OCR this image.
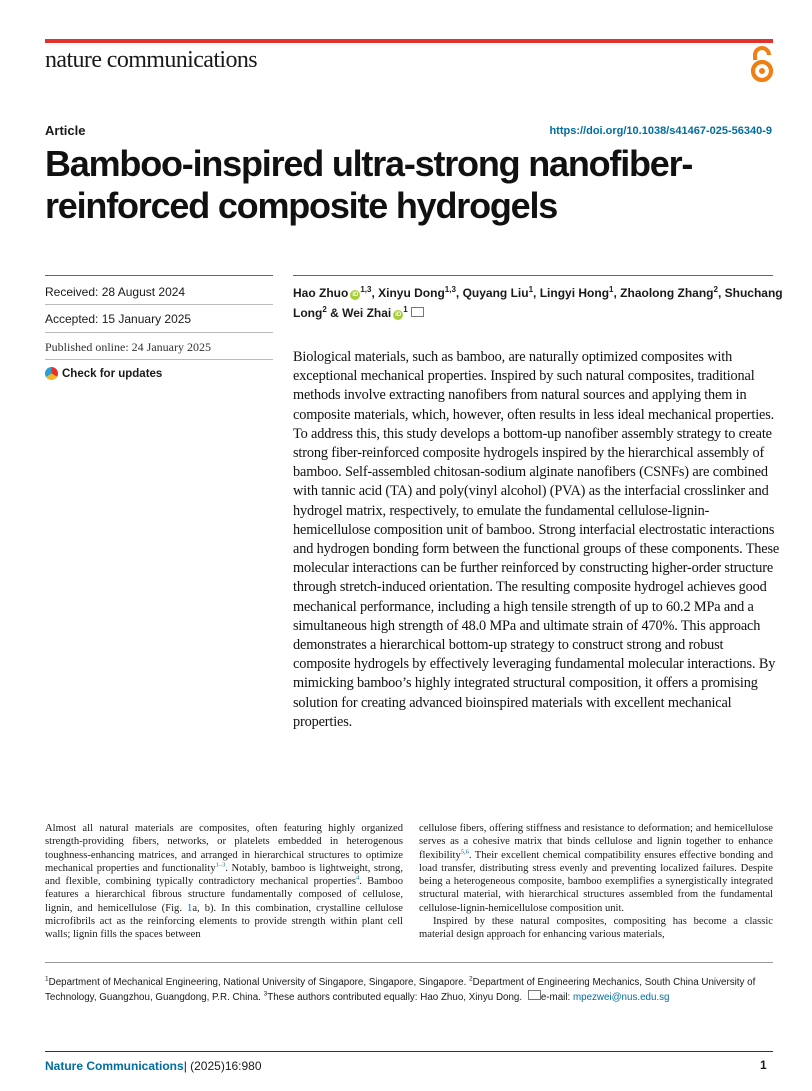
nature communications
Article	https://doi.org/10.1038/s41467-025-56340-9
Bamboo-inspired ultra-strong nanofiber-reinforced composite hydrogels
Received: 28 August 2024
Accepted: 15 January 2025
Published online: 24 January 2025
Check for updates
Hao Zhuo iD$^{1,3}$, Xinyu Dong$^{1,3}$, Quyang Liu$^1$, Lingyi Hong$^1$, Zhaolong Zhang$^2$, Shuchang Long$^2$ & Wei Zhai $iD^1$
Biological materials, such as bamboo, are naturally optimized composites with exceptional mechanical properties. Inspired by such natural composites, traditional methods involve extracting nanofibers from natural sources and applying them in composite materials, which, however, often results in less ideal mechanical properties. To address this, this study develops a bottom-up nanofiber assembly strategy to create strong fiber-reinforced composite hydrogels inspired by the hierarchical assembly of bamboo. Self-assembled chitosan-sodium alginate nanofibers (CSNFs) are combined with tannic acid (TA) and poly(vinyl alcohol) (PVA) as the interfacial crosslinker and hydrogel matrix, respectively, to emulate the fundamental cellulose-lignin-hemicellulose composition unit of bamboo. Strong interfacial electrostatic interactions and hydrogen bonding form between the functional groups of these components. These molecular interactions can be further reinforced by constructing higher-order structure through stretch-induced orientation. The resulting composite hydrogel achieves good mechanical performance, including a high tensile strength of up to 60.2 MPa and a simultaneous high strength of 48.0 MPa and ultimate strain of 470%. This approach demonstrates a hierarchical bottom-up strategy to construct strong and robust composite hydrogels by effectively leveraging fundamental molecular interactions. By mimicking bamboo’s highly integrated structural composition, it offers a promising solution for creating advanced bioinspired materials with excellent mechanical properties.

Almost all natural materials are composites, often featuring highly organized strength-providing fibers, networks, or platelets embedded in heterogenous toughness-enhancing matrices, and arranged in hierarchical structures to optimize mechanical properties and functionality$^{1-3}$. Notably, bamboo is lightweight, strong, and flexible, combining typically contradictory mechanical properties$^4$. Bamboo features a hierarchical fibrous structure fundamentally composed of cellulose, lignin, and hemicellulose (Fig. 1a, b). In this combination, crystalline cellulose microfibrils act as the reinforcing elements to provide strength within plant cell walls; lignin fills the spaces between

cellulose fibers, offering stiffness and resistance to deformation; and hemicellulose serves as a cohesive matrix that binds cellulose and lignin together to enhance flexibility$^{5,6}$. Their excellent chemical compatibility ensures effective bonding and load transfer, distributing stress evenly and preventing localized failures. Despite being a heterogeneous composite, bamboo exemplifies a synergistically integrated structural material, with hierarchical structures assembled from the fundamental cellulose-lignin-hemicellulose composition unit.

Inspired by these natural composites, compositing has become a classic material design approach for enhancing various materials,

$^1$Department of Mechanical Engineering, National University of Singapore, Singapore, Singapore. $^2$Department of Engineering Mechanics, South China University of Technology, Guangzhou, Guangdong, P.R. China. $^3$These authors contributed equally: Hao Zhuo, Xinyu Dong. e-mail: mpezwei@nus.edu.sg
Nature Communications| (2025)16:980	1
